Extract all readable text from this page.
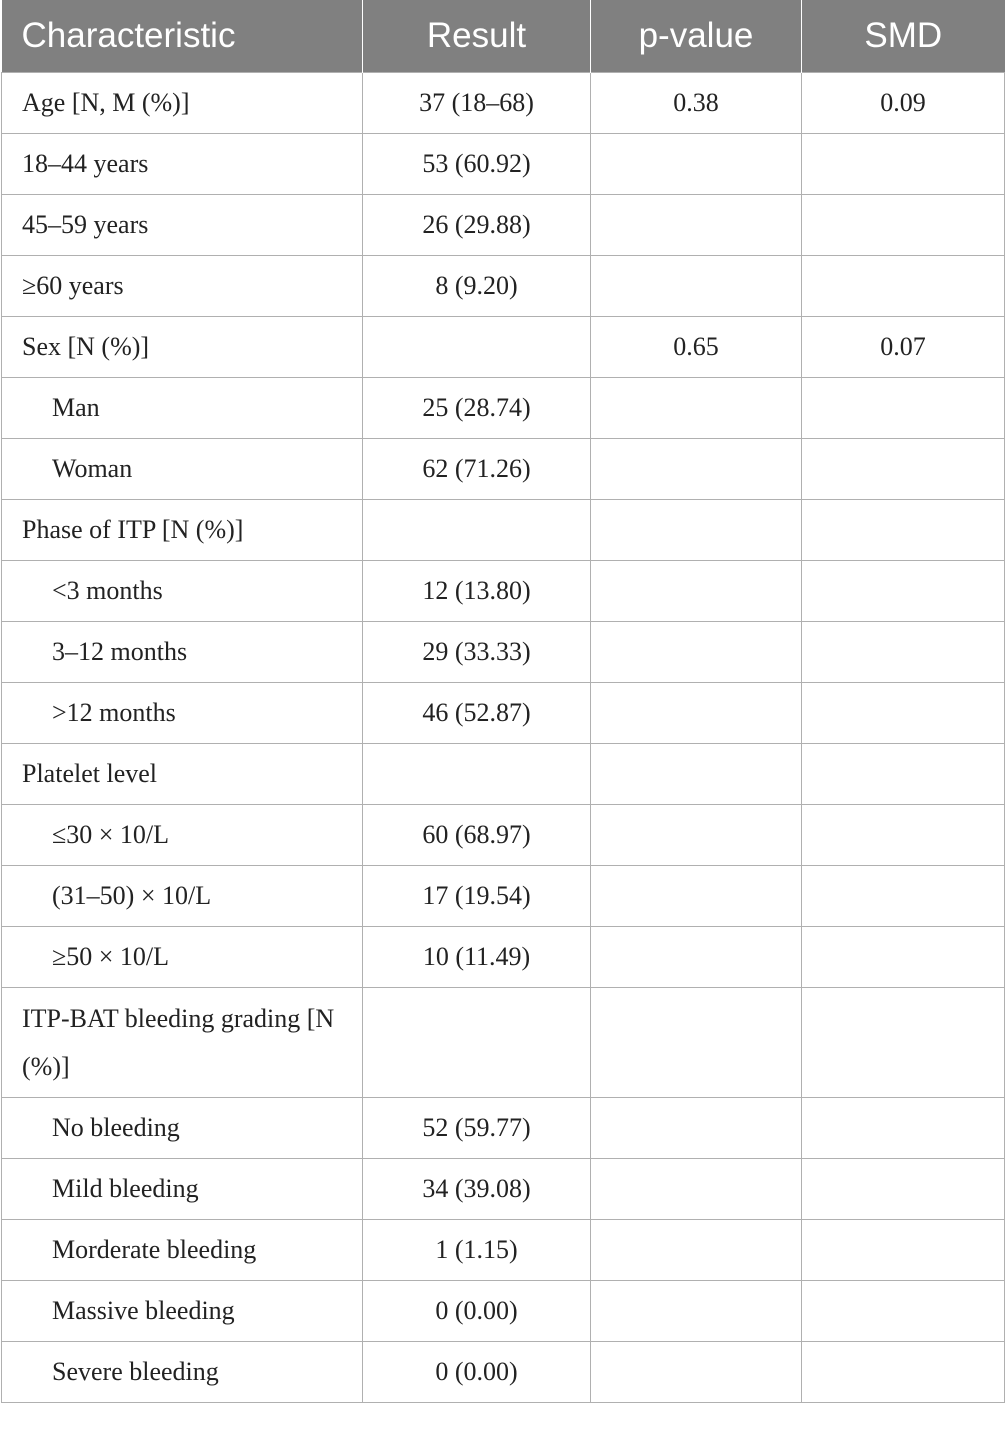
Characteristic	Result	p-value	SMD
Age [N, M (%)]	37 (18–68)	0.38	0.09
18–44 years	53 (60.92)		
45–59 years	26 (29.88)		
≥60 years	8 (9.20)		
Sex [N (%)]		0.65	0.07
Man	25 (28.74)		
Woman	62 (71.26)		
Phase of ITP [N (%)]			
<3 months	12 (13.80)		
3–12 months	29 (33.33)		
>12 months	46 (52.87)		
Platelet level			
≤30 × 10/L	60 (68.97)		
(31–50) × 10/L	17 (19.54)		
≥50 × 10/L	10 (11.49)		
ITP-BAT bleeding grading [N (%)]			
No bleeding	52 (59.77)		
Mild bleeding	34 (39.08)		
Morderate bleeding	1 (1.15)		
Massive bleeding	0 (0.00)		
Severe bleeding	0 (0.00)		
